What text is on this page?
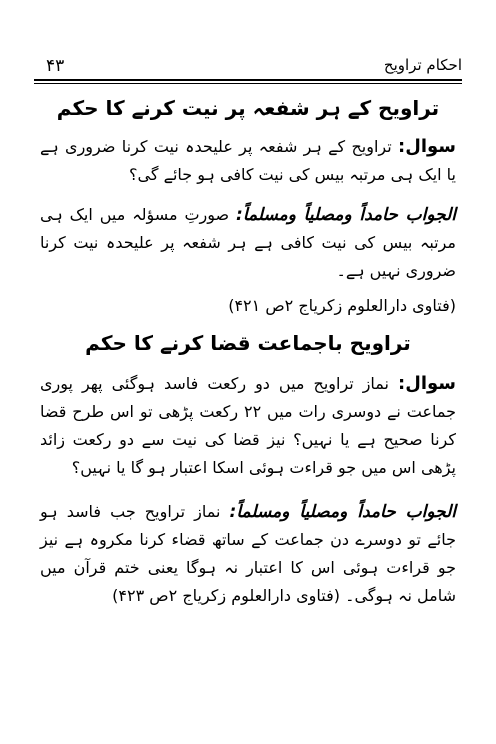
احکام تراویح
۴۳
تراویح کے ہر شفعہ پر نیت کرنے کا حکم
سوال: تراویح کے ہر شفعہ پر علیحدہ نیت کرنا ضروری ہے یا ایک ہی مرتبہ بیس کی نیت کافی ہو جائے گی؟
الجواب حامداً ومصلیاً ومسلماً: صورتِ مسؤلہ میں ایک ہی مرتبہ بیس کی نیت کافی ہے ہر شفعہ پر علیحدہ نیت کرنا ضروری نہیں ہے۔
(فتاوی دارالعلوم زکریاج ۲ص ۴۲۱)
تراویح باجماعت قضا کرنے کا حکم
سوال: نماز تراویح میں دو رکعت فاسد ہوگئی پھر پوری جماعت نے دوسری رات میں ۲۲ رکعت پڑھی تو اس طرح قضا کرنا صحیح ہے یا نہیں؟ نیز قضا کی نیت سے دو رکعت زائد پڑھی اس میں جو قراءت ہوئی اسکا اعتبار ہو گا یا نہیں؟
الجواب حامداً ومصلیاً ومسلماً: نماز تراویح جب فاسد ہو جائے تو دوسرے دن جماعت کے ساتھ قضاء کرنا مکروہ ہے نیز جو قراءت ہوئی اس کا اعتبار نہ ہوگا یعنی ختم قرآن میں شامل نہ ہوگی۔ (فتاوی دارالعلوم زکریاج ۲ص ۴۲۳)
